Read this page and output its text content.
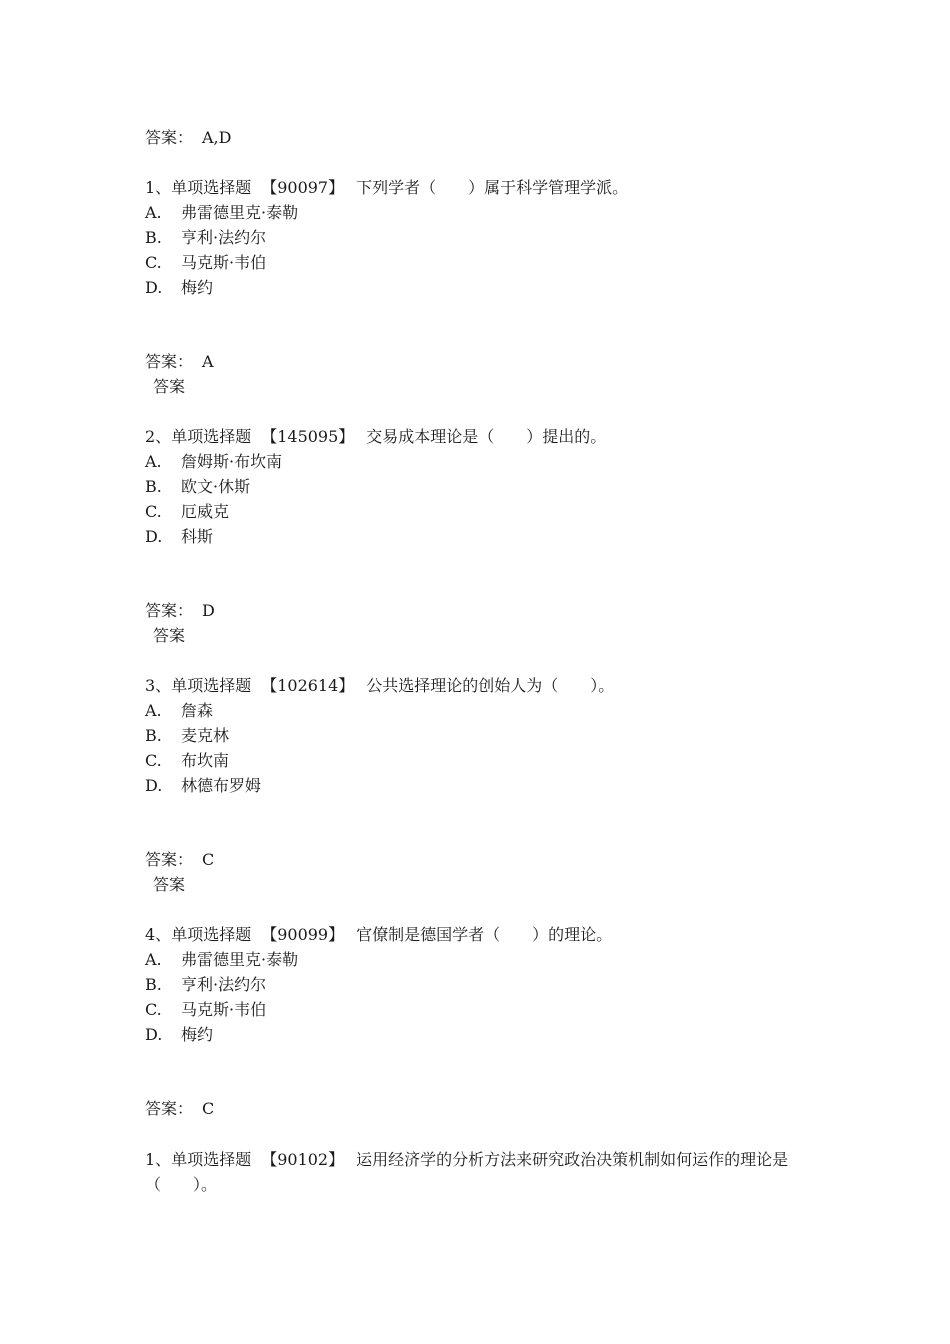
答案： A,D
1、单项选择题 【90097】 下列学者（　　）属于科学管理学派。
A. 弗雷德里克·泰勒
B. 亨利·法约尔
C. 马克斯·韦伯
D. 梅约
答案： A
答案
2、单项选择题 【145095】 交易成本理论是（　　）提出的。
A. 詹姆斯·布坎南
B. 欧文·休斯
C. 厄威克
D. 科斯
答案： D
答案
3、单项选择题 【102614】 公共选择理论的创始人为（　　）。
A. 詹森
B. 麦克林
C. 布坎南
D. 林德布罗姆
答案： C
答案
4、单项选择题 【90099】 官僚制是德国学者（　　）的理论。
A. 弗雷德里克·泰勒
B. 亨利·法约尔
C. 马克斯·韦伯
D. 梅约
答案： C
1、单项选择题 【90102】 运用经济学的分析方法来研究政治决策机制如何运作的理论是（　　）。
